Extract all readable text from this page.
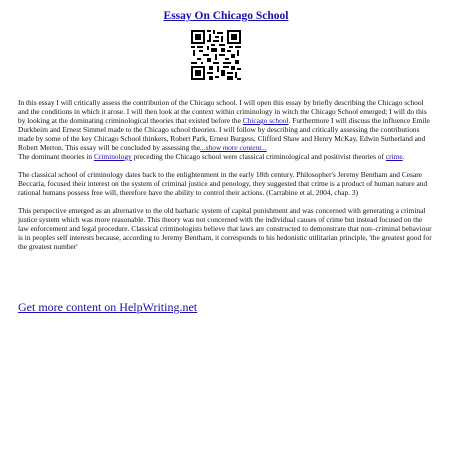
Essay On Chicago School

In this essay I will critically assess the contribution of the Chicago school. I will open this essay by briefly describing the Chicago school and the conditions in which it arose. I will then look at the context within criminology in witch the Chicago School emerged; I will do this by looking at the dominating criminological theories that existed before the Chicago school. Furthermore I will discuss the influence Emile Durkheim and Ernest Simmel made to the Chicago school theories. I will follow by describing and critically assessing the contributions made by some of the key Chicago School thinkers, Robert Park, Ernest Burgess, Clifford Shaw and Henry McKay, Edwin Sutherland and Robert Merton. This essay will be concluded by assessing the...show more content...
The dominant theories in Criminology preceding the Chicago school were classical criminological and positivist theories of crime.

The classical school of criminology dates back to the enlightenment in the early 18th century. Philosopher's Jeremy Bentham and Cesare Beccaria, focused their interest on the system of criminal justice and penology, they suggested that crime is a product of human nature and rational humans possess free will, therefore have the ability to control their actions. (Carrabine et al, 2004, chap. 3)

This perspective emerged as an alternative to the old barbaric system of capital punishment and was concerned with generating a criminal justice system which was more reasonable. This theory was not concerned with the individual causes of crime but instead focused on the law enforcement and legal procedure. Classical criminologists believe that laws are constructed to demonstrate that non–criminal behaviour is in peoples self interests because, according to Jeremy Bentham, it corresponds to his hedonistic utilitarian principle, 'the greatest good for the greatest number'

Get more content on HelpWriting.net
